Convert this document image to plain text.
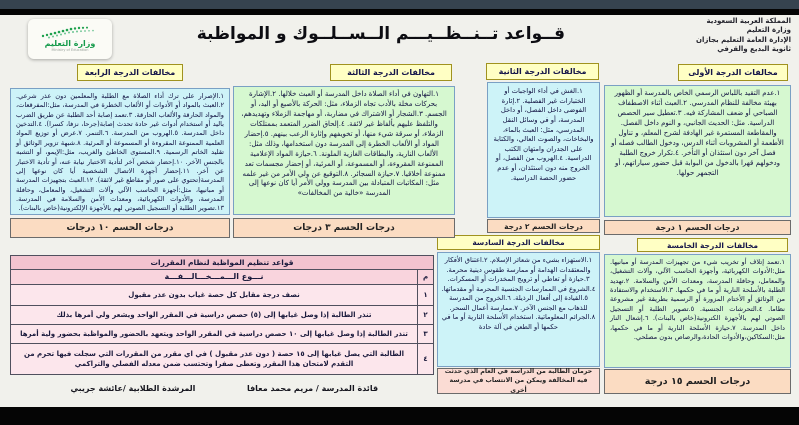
وزارة التعليم
Ministry of Education
قــواعد تــنــظــيـــم الــســلــوك و المواظبة
المملكة العربية السعودية
وزارة التعليم
الإدارة العامة التعليم بجازان
ثانوية البديع والقرفي
مخالفات الدرجة الرابعة	مخالفات الدرجة الثالثة	مخالفات الدرجة الثانية	مخالفات الدرجة الأولى
مخالفات الدرجة السادسة	مخالفات الدرجة الخامسة
١.الإصرار على ترك أداء الصلاة مع الطلبة والمعلمين دون عذر شرعي. ٢.العبث بالمواد أو الأدوات أو الألعاب الخطرة في المدرسة، مثل:المفرقعات، والمواد الحارقة والألعاب الحارقة. ٣.تعمد إصابة أحد الطلبة عن طريق الضرب باليد أو استخدام أدوات غير حادة تحدث إصابة(جرحا، نزفا، كسرا). ٤.التدخين داخل المدرسة. ٥.الهروب من المدرسة. ٦.التنمر. ٧.عرض أو توزيع المواد العلمية الممنوعة المقروءة أو المسموعة أو المرئية. ٨.شبهة تزوير الوثائق أو تقليد الخاتم الرسمية. ٩.المستوى الخاطئ والغريب، مثل:الإيمو، أو التشبه بالجنس الآخر. ١٠.إحضار شخص آخر لتأدية الاختبار نيابة عنه، أو تأدية الاختبار عن آخر. ١١.إحضار أجهزة الاتصال الشخصية أيا كان نوعها إلى المدرسة(تحتوي على صور أو مقاطع غير لائقة). ١٢.العبث بتجهيزات المدرسة أو مبانيها، مثل:أجهزة الحاسب الآلي وآلات التشغيل، والمعامل، وحافلة المدرسة، والأدوات الكهربائية، ومعدات الأمن والسلامة في المدرسة. ١٣.تصوير الطلبة أو التسجيل الصوتي لهم بالأجهزة الإلكترونية(خاص بالبنات).
١.التهاون في أداء الصلاة داخل المدرسة أو العبث خلالها. ٢.الإشارة بحركات مخلة بالأدب تجاه الزملاء، مثل: الحركة بالأصبع أو اليد، أو الجسم. ٣.الشجار أو الاشتراك في مضاربة، أو مهاجمة الزملاء وتهديدهم، والتلفظ عليهم بألفاظ غير لائقة. ٤.إلحاق الضرر المتعمد بممتلكات الزملاء، أو سرقة شيء منها، أو تخويفهم وإثارة الرعب بينهم. ٥.إحضار المواد أو الألعاب الخطرة إلى المدرسة دون استخدامها، وذلك مثل: الألعاب النارية، والبطاقات الغازية الملونة. ٦.حيازة المواد الإعلامية الممنوعة المقروءة، أو المسموعة، أو المرئية، أو إحضار مجسمات تعد ممنوعة أخلاقيا. ٧.حيازة السجائر. ٨.التوقيع عن ولي الأمر من غير علمه مثل: المكاتبات المتبادلة بين المدرسة وولي الأمر أيا كان نوعها إلى المدرسة «خالية من المخالفات»
١.الغش في أداء الواجبات أو الختبارات غير الفصلية. ٢.إثارة الفوضى داخل الفصل، أو داخل المدرسة، أو في وسائل النقل المدرسي، مثل: العبث بالماء، والبخاخات، والصوت العالي، والكتابة على الجدران وامتهان الكتب الدراسية. ٤.الهروب من الفصل، أو الخروج منه دون استئذان، أو عدم حضور الحصة الدراسية.
١.عدم التقيد باللباس الرسمي الخاص بالمدرسة أو الظهور بهيئة مخالفة للنظام المدرسي. ٢.العبث أثناء الاصطفاف الصباحي أو ضعف المشاركة فيه. ٣.تعطيل سير الحصص الدراسية. مثل: الحديث الجانبي، و النوم داخل الفصل. والمقاطعة المستمرة غير الهادفة لشرح المعلم، و تناول الأطعمة أو المشروبات أثناء الدرس، ودخول الطالب فصله أو فصل آخر دون استئذان أو التأخر. ٤.تكرار خروج الطلبة ودخولهم قهرا بالدخول من البوابة قبل حضور سياراتهم، أو التجمهر حولها.
١.الاستهزاء بشيء من شعائر الإسلام. ٢.اعتناق الأفكار والمعتقدات الهدامة أو ممارسة طقوس دينية محرمة. ٣.حيازة أو تعاطي أو ترويج المخدرات أو المسكرات. ٤.الشروع في الممارسات الجنسية المحرمة أو مقدماتها. ٥.القيادة إلى أفعال الرذيلة. ٦.الخروج من المدرسة للذهاب مع الجنس الآخر. ٧.ممارسة أعمال السحر. ٨.الجرائم المعلوماتية. استخدام الأسلحة النارية أو ما في حكمها أو الطعن في آلة حادة
١.تعمد إتلاف أو تخريب شيء من تجهيزات المدرسة أو مبانيها. مثل:الأدوات الكهربائية، وأجهزة الحاسب الآلي، وآلات التشغيل، والمعامل، وحافلة المدرسة، ومعدات الأمن والسلامة. ٢.تهديد الطلبة بالأسلحة النارية أو ما في حكمها. ٣.الاستخدام والاستفادة من الوثائق أو الأختام المزورة أو الرسمية بطريقة غير مشروعة نظاما. ٤.التحرشات الجنسية. ٥.تصوير الطلبة أو التسجيل الصوتي لهم بالأجهزة الكترونية(خاص بالبنات). ٦.إشعال النار داخل المدرسة. ٧.حيازة الأسلحة النارية أو ما في حكمها، مثل:السكاكين،والأدوات الحادة،والرصاص بدون مصلحي.
درجات الحسم ١٠ درجات	درجات الحسم ٣ درجات	درجات الحسم ٢ درجة	درجات الحسم ١ درجة
درجات الحسم ١٥ درجة
حرمان الطالبة من الدراسة في العام الذي حدثت فيه المخالفة ويمكن من الانتساب في مدرسة أخرى
قواعد تنظيم المواظبة لنظام المقررات
م
نـــوع الـــمـــخـــالـــفـــة
١
نصف درجة مقابل كل حصة غياب بدون عذر مقبول
٢
تنذر الطالبة إذا وصل غيابها إلى (٥) حصص دراسية في المقرر الواحد ويشعر ولي أمرها بذلك
٣
تنذر الطالبة إذا وصل غيابها إلى ١٠ حصص دراسية في المقرر الواحد ويتعهد بالحضور والمواظبة بحضور ولية أمرها
٤
الطالبة التي يصل غيابها إلى ١٥ حصة ( دون عذر مقبول ) في اي مقرر من المقررات التي سجلت فيها تحرم من التقدم لامتحان هذا المقرر وتعطى صفرا وتحتسب ضمن معدله الفصلي والتراكمي
قائدة المدرسة / مريم محمد معافا
المرشدة الطلابية /عائشة جريبي
